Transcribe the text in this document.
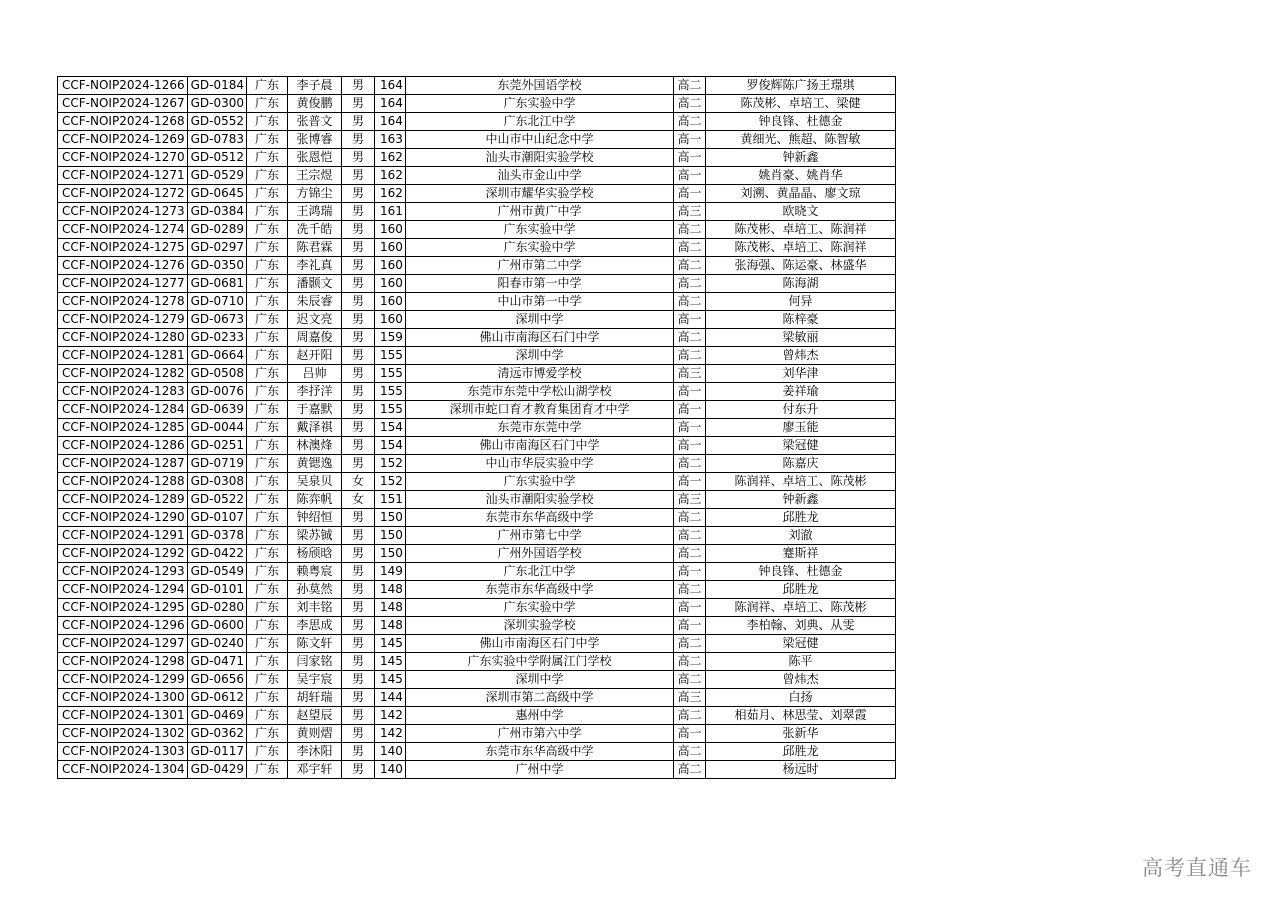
CCF-NOIP2024-1266	GD-0184	广东	李子晨	男	164	东莞外国语学校	高二	罗俊辉陈广扬王璟琪
CCF-NOIP2024-1267	GD-0300	广东	黄俊鹏	男	164	广东实验中学	高二	陈茂彬、卓培工、梁健
CCF-NOIP2024-1268	GD-0552	广东	张普文	男	164	广东北江中学	高二	钟良锋、杜德金
CCF-NOIP2024-1269	GD-0783	广东	张博睿	男	163	中山市中山纪念中学	高一	黄细光、熊超、陈智敏
CCF-NOIP2024-1270	GD-0512	广东	张恩恺	男	162	汕头市潮阳实验学校	高一	钟新鑫
CCF-NOIP2024-1271	GD-0529	广东	王宗煜	男	162	汕头市金山中学	高一	姚肖豪、姚肖华
CCF-NOIP2024-1272	GD-0645	广东	方锦尘	男	162	深圳市耀华实验学校	高一	刘溯、黄晶晶、廖文琼
CCF-NOIP2024-1273	GD-0384	广东	王鸿瑞	男	161	广州市黄广中学	高三	欧晓文
CCF-NOIP2024-1274	GD-0289	广东	冼千皓	男	160	广东实验中学	高二	陈茂彬、卓培工、陈润祥
CCF-NOIP2024-1275	GD-0297	广东	陈君霖	男	160	广东实验中学	高二	陈茂彬、卓培工、陈润祥
CCF-NOIP2024-1276	GD-0350	广东	李礼真	男	160	广州市第二中学	高二	张海强、陈运豪、林盛华
CCF-NOIP2024-1277	GD-0681	广东	潘颢文	男	160	阳春市第一中学	高二	陈海湖
CCF-NOIP2024-1278	GD-0710	广东	朱辰睿	男	160	中山市第一中学	高二	何异
CCF-NOIP2024-1279	GD-0673	广东	迟文亮	男	160	深圳中学	高一	陈梓豪
CCF-NOIP2024-1280	GD-0233	广东	周嘉俊	男	159	佛山市南海区石门中学	高二	梁敏丽
CCF-NOIP2024-1281	GD-0664	广东	赵开阳	男	155	深圳中学	高二	曾炜杰
CCF-NOIP2024-1282	GD-0508	广东	吕帅	男	155	清远市博爱学校	高三	刘华津
CCF-NOIP2024-1283	GD-0076	广东	李抒洋	男	155	东莞市东莞中学松山湖学校	高一	姜祥瑜
CCF-NOIP2024-1284	GD-0639	广东	于嘉默	男	155	深圳市蛇口育才教育集团育才中学	高一	付东升
CCF-NOIP2024-1285	GD-0044	广东	戴泽祺	男	154	东莞市东莞中学	高一	廖玉能
CCF-NOIP2024-1286	GD-0251	广东	林澳烽	男	154	佛山市南海区石门中学	高一	梁冠健
CCF-NOIP2024-1287	GD-0719	广东	黄锶逸	男	152	中山市华辰实验中学	高二	陈嘉庆
CCF-NOIP2024-1288	GD-0308	广东	吴泉贝	女	152	广东实验中学	高一	陈润祥、卓培工、陈茂彬
CCF-NOIP2024-1289	GD-0522	广东	陈弈帆	女	151	汕头市潮阳实验学校	高三	钟新鑫
CCF-NOIP2024-1290	GD-0107	广东	钟绍恒	男	150	东莞市东华高级中学	高二	邱胜龙
CCF-NOIP2024-1291	GD-0378	广东	梁苏铖	男	150	广州市第七中学	高二	刘澈
CCF-NOIP2024-1292	GD-0422	广东	杨颀晗	男	150	广州外国语学校	高二	蹇斯祥
CCF-NOIP2024-1293	GD-0549	广东	赖粤宸	男	149	广东北江中学	高一	钟良锋、杜德金
CCF-NOIP2024-1294	GD-0101	广东	孙莫然	男	148	东莞市东华高级中学	高二	邱胜龙
CCF-NOIP2024-1295	GD-0280	广东	刘丰铭	男	148	广东实验中学	高一	陈润祥、卓培工、陈茂彬
CCF-NOIP2024-1296	GD-0600	广东	李思成	男	148	深圳实验学校	高一	李柏翰、刘典、从雯
CCF-NOIP2024-1297	GD-0240	广东	陈文轩	男	145	佛山市南海区石门中学	高二	梁冠健
CCF-NOIP2024-1298	GD-0471	广东	闫家铭	男	145	广东实验中学附属江门学校	高二	陈平
CCF-NOIP2024-1299	GD-0656	广东	吴宇宸	男	145	深圳中学	高二	曾炜杰
CCF-NOIP2024-1300	GD-0612	广东	胡轩瑞	男	144	深圳市第二高级中学	高三	白扬
CCF-NOIP2024-1301	GD-0469	广东	赵望辰	男	142	惠州中学	高二	相茹月、林思莹、刘翠霞
CCF-NOIP2024-1302	GD-0362	广东	黄则熠	男	142	广州市第六中学	高一	张新华
CCF-NOIP2024-1303	GD-0117	广东	李沐阳	男	140	东莞市东华高级中学	高二	邱胜龙
CCF-NOIP2024-1304	GD-0429	广东	邓宇轩	男	140	广州中学	高二	杨远时
高考直通车
